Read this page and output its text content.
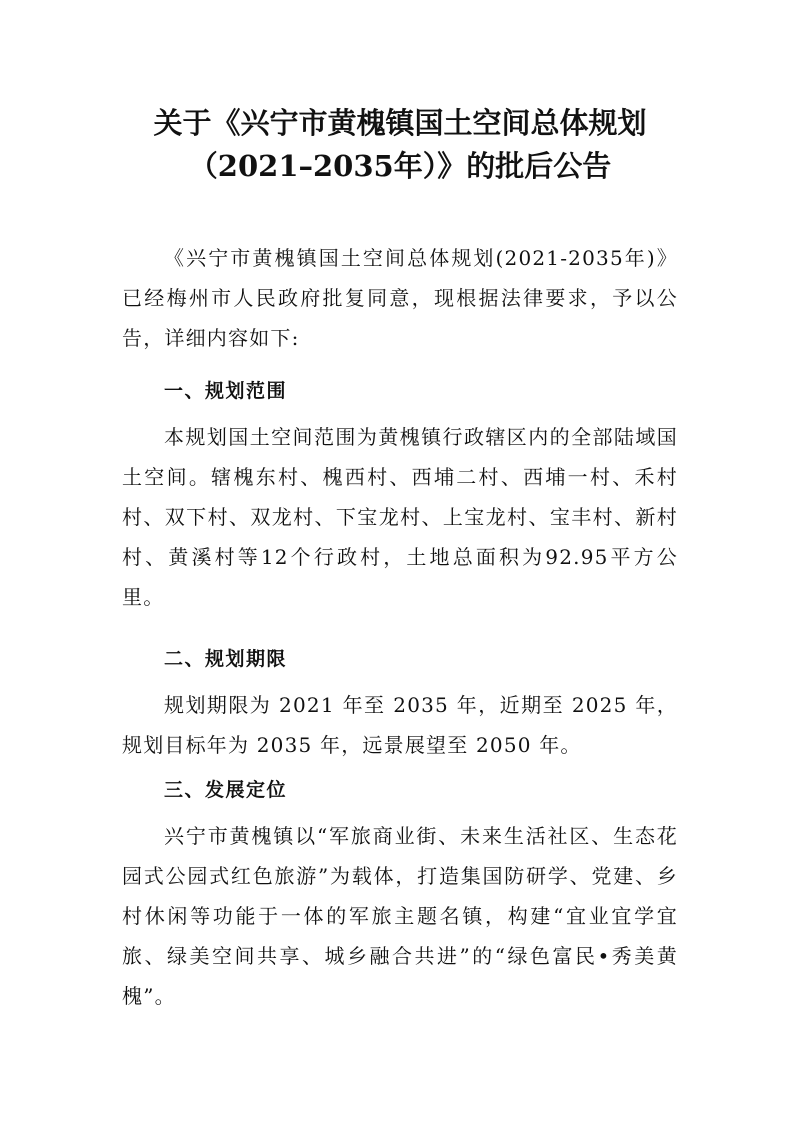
关于《兴宁市黄槐镇国土空间总体规划
（2021–2035年）》的批后公告
《兴宁市黄槐镇国土空间总体规划(2021-2035年)》已经梅州市人民政府批复同意，现根据法律要求，予以公告，详细内容如下:
一、规划范围
本规划国土空间范围为黄槐镇行政辖区内的全部陆域国土空间。辖槐东村、槐西村、西埔二村、西埔一村、禾村村、双下村、双龙村、下宝龙村、上宝龙村、宝丰村、新村村、黄溪村等12个行政村，土地总面积为92.95平方公里。
二、规划期限
规划期限为 2021 年至 2035 年，近期至 2025 年，规划目标年为 2035 年，远景展望至 2050 年。
三、发展定位
兴宁市黄槐镇以“军旅商业街、未来生活社区、生态花园式公园式红色旅游”为载体，打造集国防研学、党建、乡村休闲等功能于一体的军旅主题名镇，构建“宜业宜学宜旅、绿美空间共享、城乡融合共进”的“绿色富民•秀美黄槐”。
